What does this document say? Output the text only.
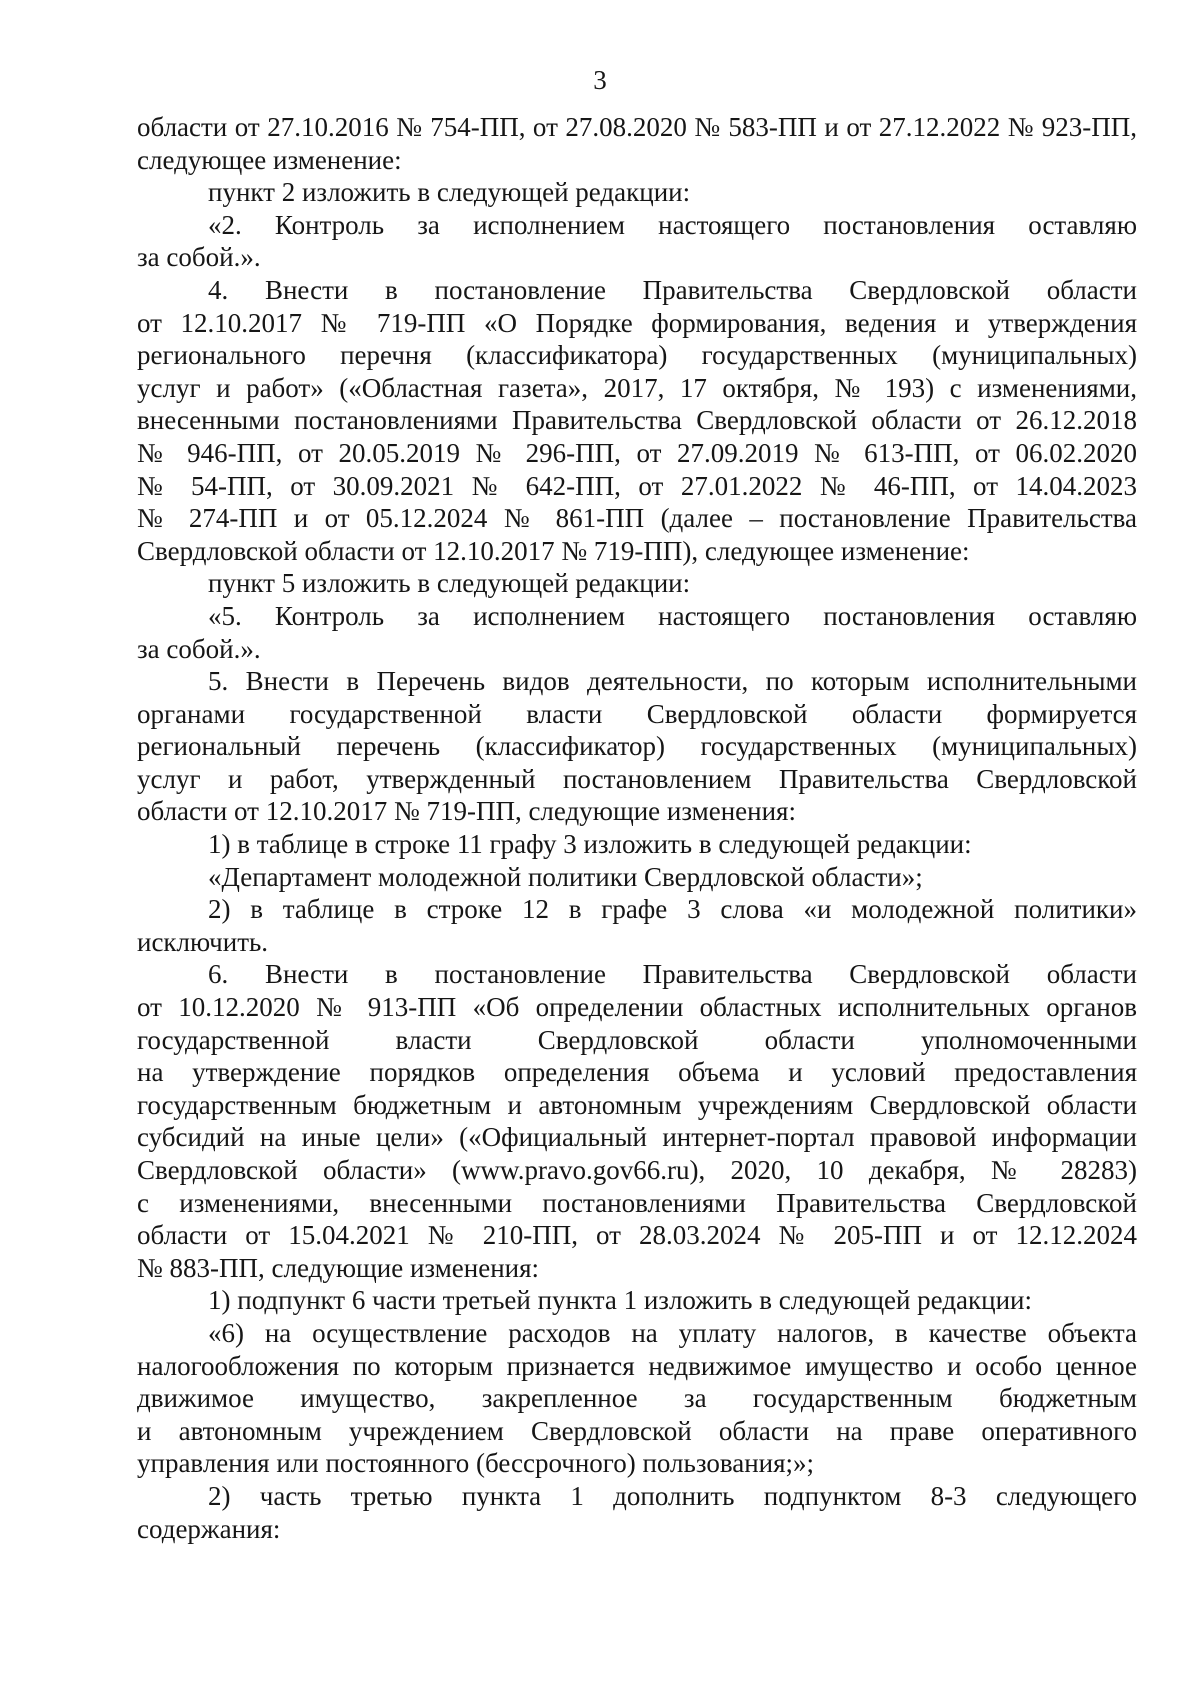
3
области от 27.10.2016 № 754-ПП, от 27.08.2020 № 583-ПП и от 27.12.2022 № 923-ПП,
следующее изменение:
пункт 2 изложить в следующей редакции:
«2. Контроль за исполнением настоящего постановления оставляю
за собой.».
4. Внести в постановление Правительства Свердловской области
от 12.10.2017 № 719-ПП «О Порядке формирования, ведения и утверждения
регионального перечня (классификатора) государственных (муниципальных)
услуг и работ» («Областная газета», 2017, 17 октября, № 193) с изменениями,
внесенными постановлениями Правительства Свердловской области от 26.12.2018
№ 946-ПП, от 20.05.2019 № 296-ПП, от 27.09.2019 № 613-ПП, от 06.02.2020
№ 54-ПП, от 30.09.2021 № 642-ПП, от 27.01.2022 № 46-ПП, от 14.04.2023
№ 274-ПП и от 05.12.2024 № 861-ПП (далее – постановление Правительства
Свердловской области от 12.10.2017 № 719-ПП), следующее изменение:
пункт 5 изложить в следующей редакции:
«5. Контроль за исполнением настоящего постановления оставляю
за собой.».
5. Внести в Перечень видов деятельности, по которым исполнительными
органами государственной власти Свердловской области формируется
региональный перечень (классификатор) государственных (муниципальных)
услуг и работ, утвержденный постановлением Правительства Свердловской
области от 12.10.2017 № 719-ПП, следующие изменения:
1) в таблице в строке 11 графу 3 изложить в следующей редакции:
«Департамент молодежной политики Свердловской области»;
2) в таблице в строке 12 в графе 3 слова «и молодежной политики»
исключить.
6. Внести в постановление Правительства Свердловской области
от 10.12.2020 № 913-ПП «Об определении областных исполнительных органов
государственной власти Свердловской области уполномоченными
на утверждение порядков определения объема и условий предоставления
государственным бюджетным и автономным учреждениям Свердловской области
субсидий на иные цели» («Официальный интернет-портал правовой информации
Свердловской области» (www.pravo.gov66.ru), 2020, 10 декабря, № 28283)
с изменениями, внесенными постановлениями Правительства Свердловской
области от 15.04.2021 № 210-ПП, от 28.03.2024 № 205-ПП и от 12.12.2024
№ 883-ПП, следующие изменения:
1) подпункт 6 части третьей пункта 1 изложить в следующей редакции:
«6) на осуществление расходов на уплату налогов, в качестве объекта
налогообложения по которым признается недвижимое имущество и особо ценное
движимое имущество, закрепленное за государственным бюджетным
и автономным учреждением Свердловской области на праве оперативного
управления или постоянного (бессрочного) пользования;»;
2) часть третью пункта 1 дополнить подпунктом 8-3 следующего
содержания:
